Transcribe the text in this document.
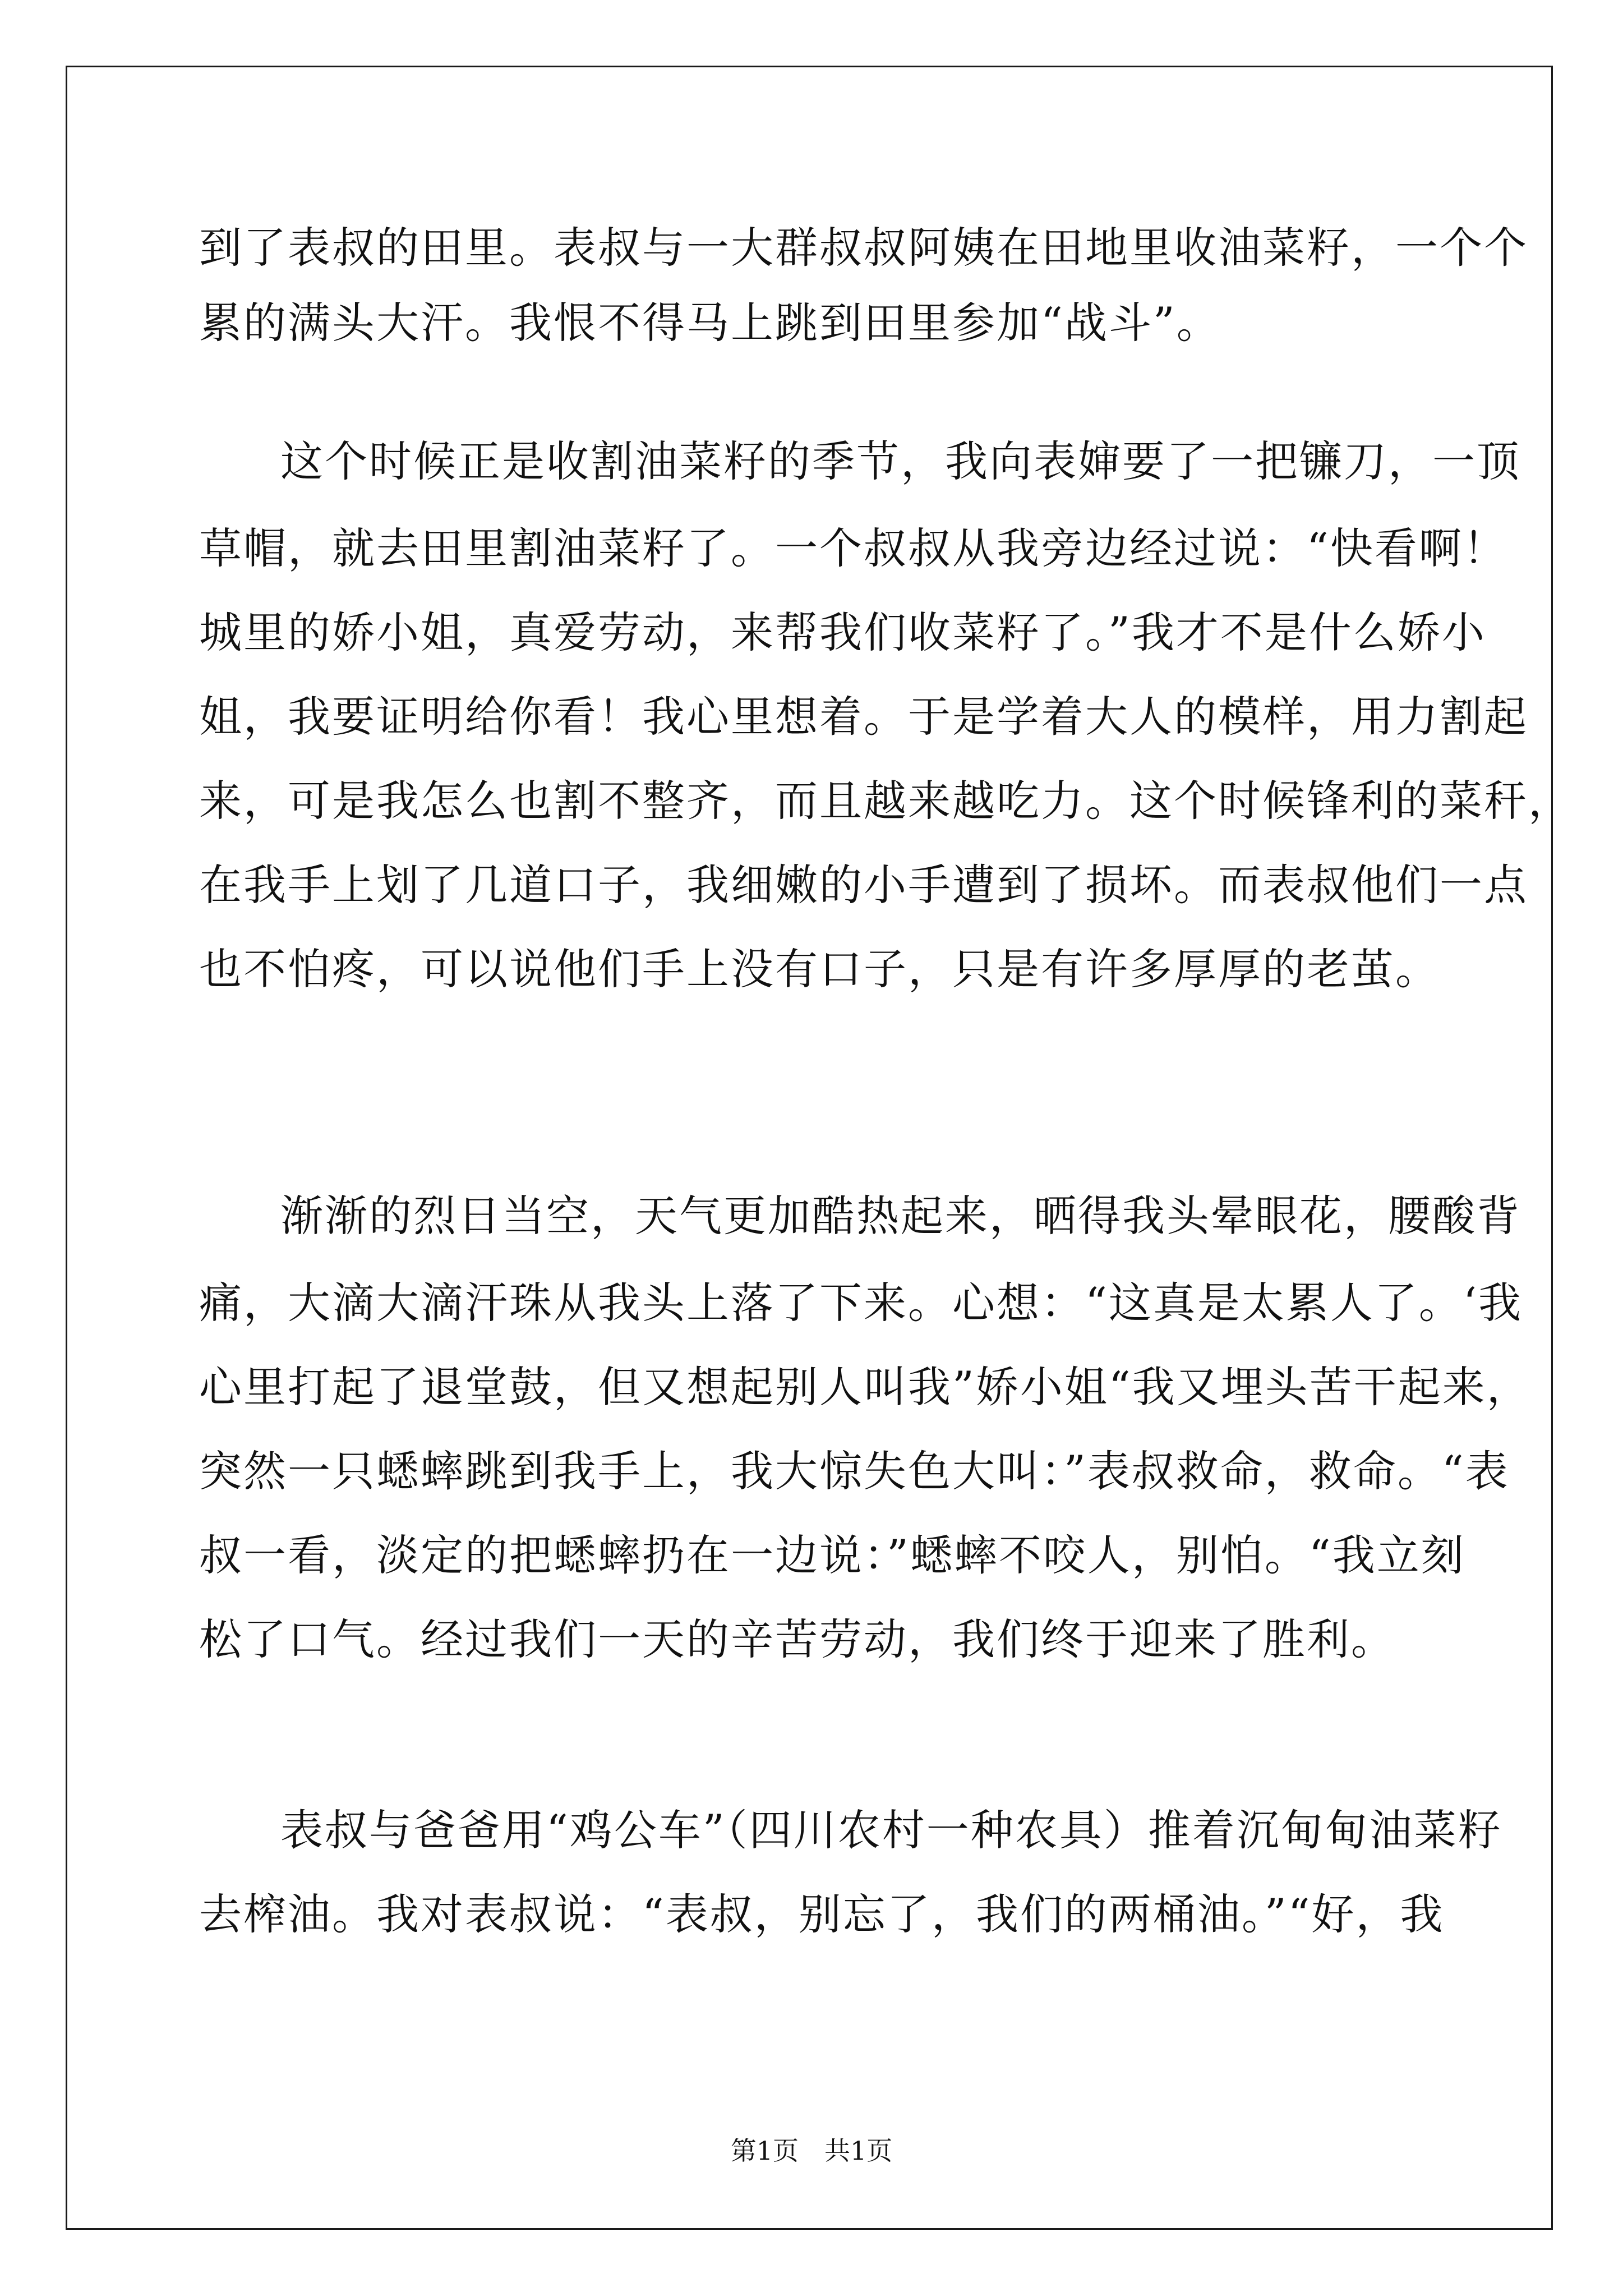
到了表叔的田里。表叔与一大群叔叔阿姨在田地里收油菜籽，一个个

累的满头大汗。我恨不得马上跳到田里参加“战斗”。

这个时候正是收割油菜籽的季节，我向表婶要了一把镰刀，一顶

草帽，就去田里割油菜籽了。一个叔叔从我旁边经过说：“快看啊！

城里的娇小姐，真爱劳动，来帮我们收菜籽了。”我才不是什么娇小

姐，我要证明给你看！我心里想着。于是学着大人的模样，用力割起

来，可是我怎么也割不整齐，而且越来越吃力。这个时候锋利的菜秆，

在我手上划了几道口子，我细嫩的小手遭到了损坏。而表叔他们一点

也不怕疼，可以说他们手上没有口子，只是有许多厚厚的老茧。

渐渐的烈日当空，天气更加酷热起来，晒得我头晕眼花，腰酸背

痛，大滴大滴汗珠从我头上落了下来。心想：“这真是太累人了。‘我

心里打起了退堂鼓，但又想起别人叫我”娇小姐“我又埋头苦干起来，

突然一只蟋蟀跳到我手上，我大惊失色大叫：”表叔救命，救命。“表

叔一看，淡定的把蟋蟀扔在一边说：”蟋蟀不咬人，别怕。“我立刻

松了口气。经过我们一天的辛苦劳动，我们终于迎来了胜利。

表叔与爸爸用“鸡公车”（四川农村一种农具）推着沉甸甸油菜籽

去榨油。我对表叔说：“表叔，别忘了，我们的两桶油。”“好，我

第1页　共1页
